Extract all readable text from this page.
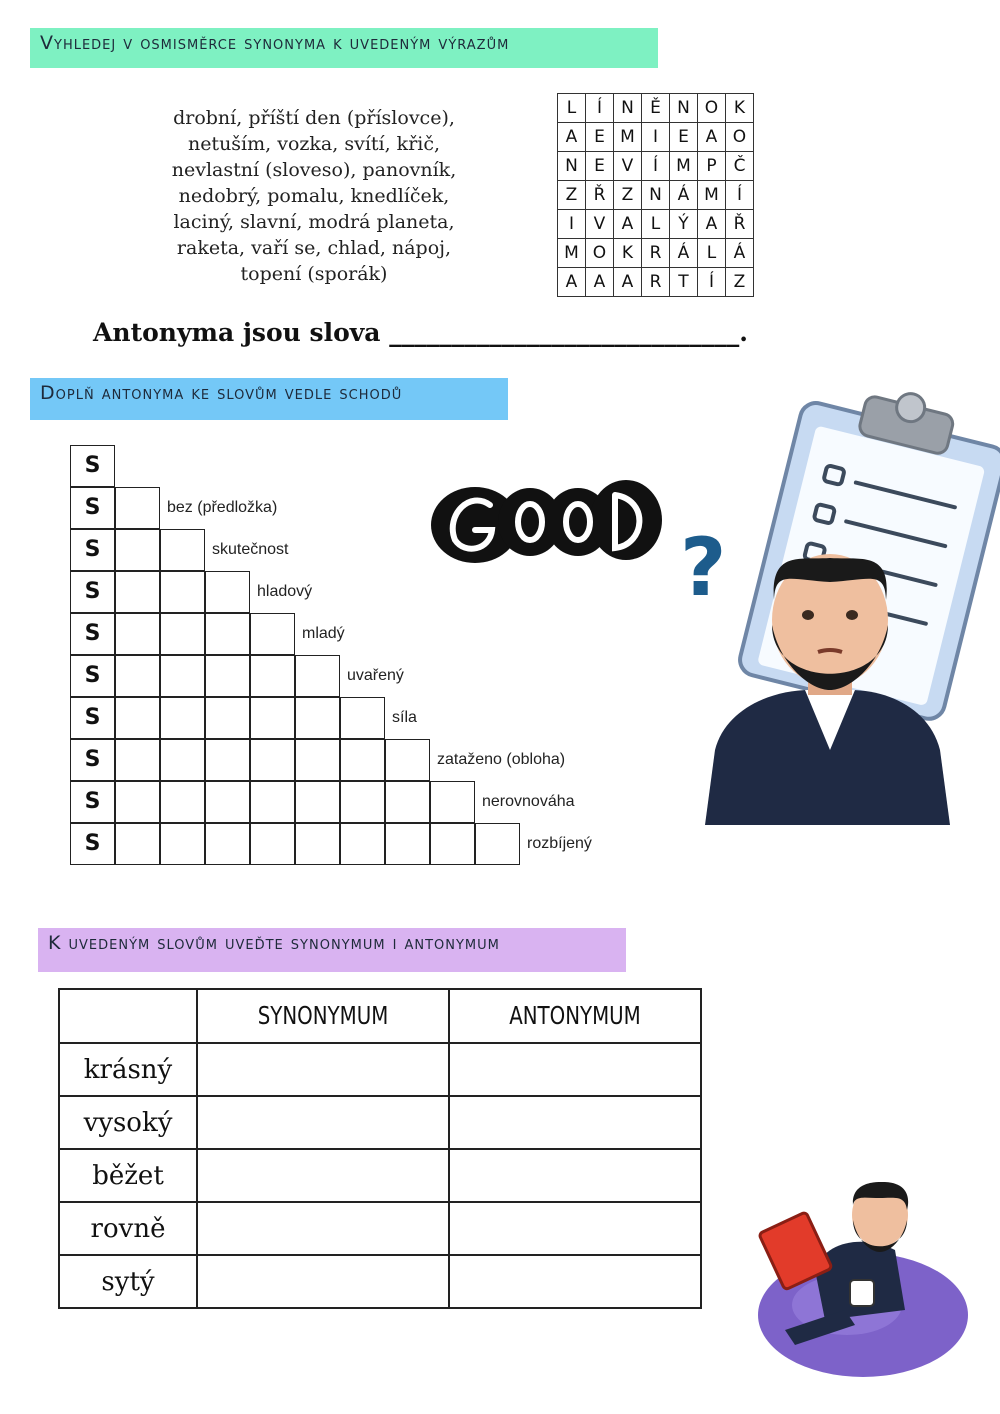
Vyhledej v osmisměrce synonyma k uvedeným výrazům
Doplň antonyma ke slovům vedle schodů
K uvedeným slovům uveďte synonymum i antonymum
drobní, příští den (příslovce),
netuším, vozka, svítí, křič,
nevlastní (sloveso), panovník,
nedobrý, pomalu, knedlíček,
laciný, slavní, modrá planeta,
raketa, vaří se, chlad, nápoj,
topení (sporák)
L	Í	N	Ě	N	O	K
A	E	M	I	E	A	O
N	E	V	Í	M	P	Č
Z	Ř	Z	N	Á	M	Í
I	V	A	L	Ý	A	Ř
M	O	K	R	Á	L	Á
A	A	A	R	T	Í	Z
Antonyma jsou slova ____________________________.
S
S	bez (předložka)
S	skutečnost
S	hladový
S	mladý
S	uvařený
S	síla
S	zataženo (obloha)
S	nerovnováha
S	rozbíjený
?
	SYNONYMUM	ANTONYMUM
krásný		
vysoký		
běžet		
rovně		
sytý		
